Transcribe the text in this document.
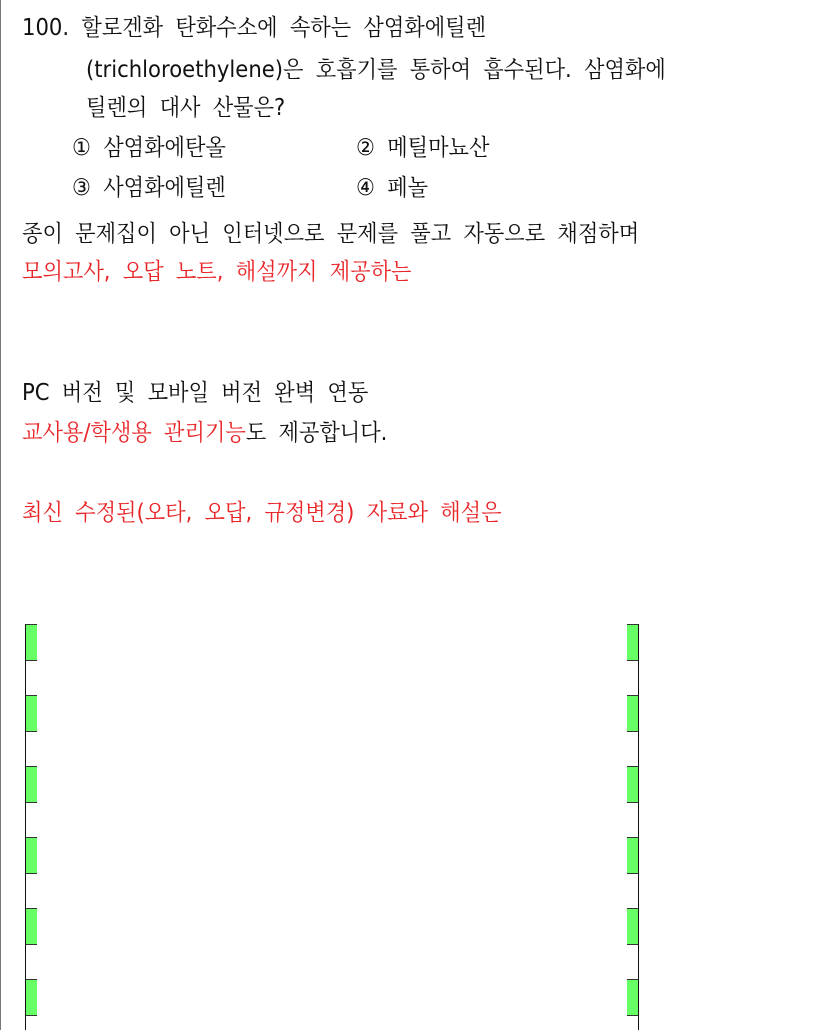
100. 할로겐화 탄화수소에 속하는 삼염화에틸렌
(trichloroethylene)은 호흡기를 통하여 흡수된다. 삼염화에
틸렌의 대사 산물은?
① 삼염화에탄올	② 메틸마뇨산
③ 사염화에틸렌	④ 페놀
종이 문제집이 아닌 인터넷으로 문제를 풀고 자동으로 채점하며
모의고사, 오답 노트, 해설까지 제공하는
PC 버전 및 모바일 버전 완벽 연동
교사용/학생용 관리기능도 제공합니다.
최신 수정된(오타, 오답, 규정변경) 자료와 해설은
